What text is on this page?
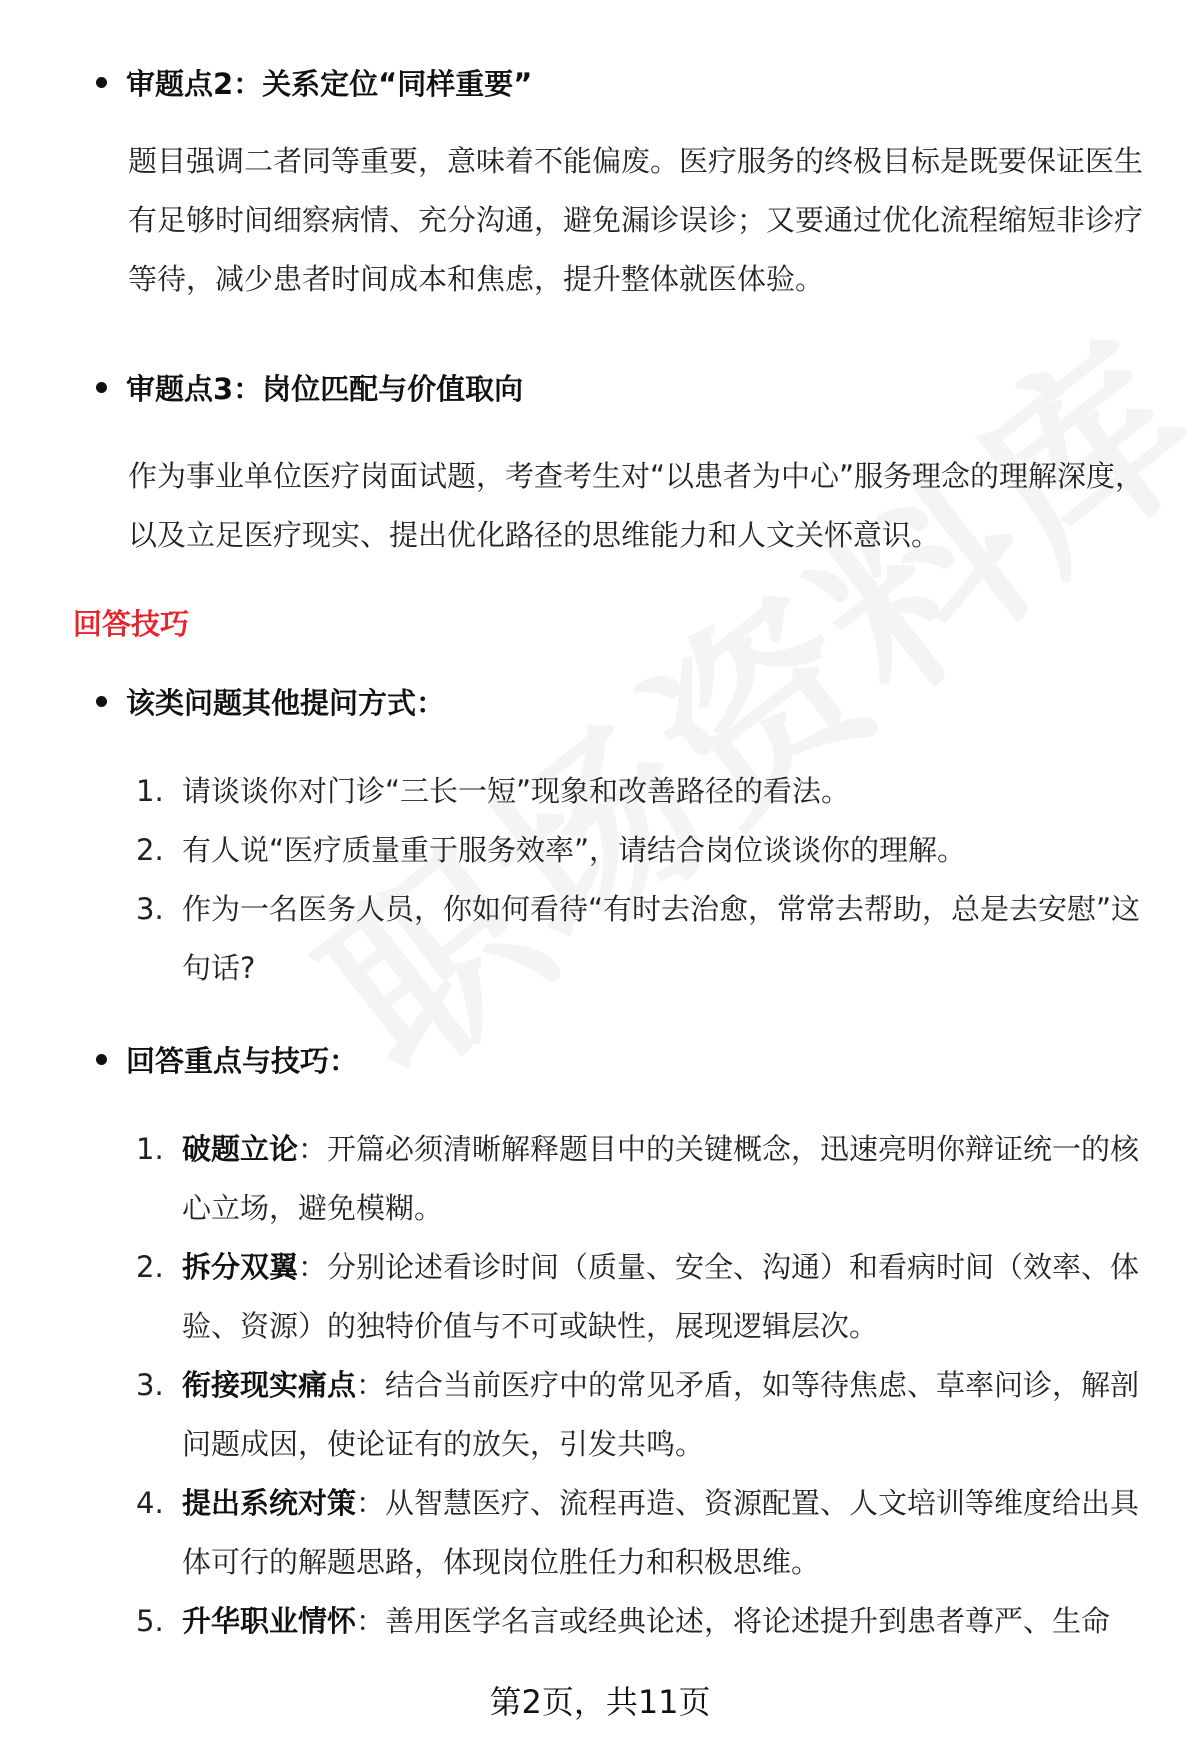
审题点2：关系定位“同样重要”

题目强调二者同等重要，意味着不能偏废。医疗服务的终极目标是既要保证医生有足够时间细察病情、充分沟通，避免漏诊误诊；又要通过优化流程缩短非诊疗等待，减少患者时间成本和焦虑，提升整体就医体验。

审题点3：岗位匹配与价值取向

作为事业单位医疗岗面试题，考查考生对“以患者为中心”服务理念的理解深度，以及立足医疗现实、提出优化路径的思维能力和人文关怀意识。

回答技巧
该类问题其他提问方式：
1. 请谈谈你对门诊“三长一短”现象和改善路径的看法。
2. 有人说“医疗质量重于服务效率”，请结合岗位谈谈你的理解。
3. 作为一名医务人员，你如何看待“有时去治愈，常常去帮助，总是去安慰”这句话?
回答重点与技巧：
1. 破题立论：开篇必须清晰解释题目中的关键概念，迅速亮明你辩证统一的核心立场，避免模糊。
2. 拆分双翼：分别论述看诊时间（质量、安全、沟通）和看病时间（效率、体验、资源）的独特价值与不可或缺性，展现逻辑层次。
3. 衔接现实痛点：结合当前医疗中的常见矛盾，如等待焦虑、草率问诊，解剖问题成因，使论证有的放矢，引发共鸣。
4. 提出系统对策：从智慧医疗、流程再造、资源配置、人文培训等维度给出具体可行的解题思路，体现岗位胜任力和积极思维。
5. 升华职业情怀：善用医学名言或经典论述，将论述提升到患者尊严、生命
第2页，共11页
